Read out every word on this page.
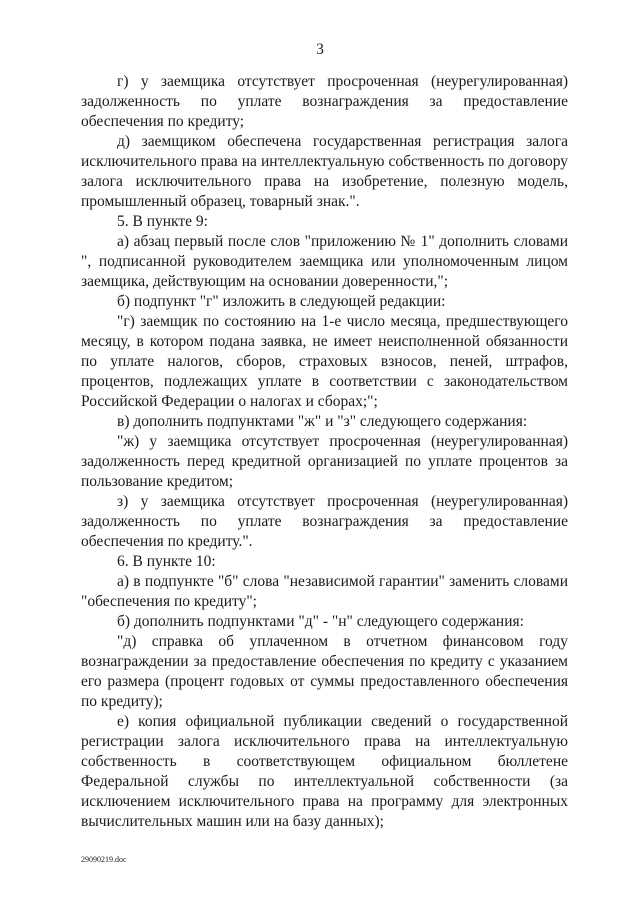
3

г) у заемщика отсутствует просроченная (неурегулированная) задолженность по уплате вознаграждения за предоставление обеспечения по кредиту;

д) заемщиком обеспечена государственная регистрация залога исключительного права на интеллектуальную собственность по договору залога исключительного права на изобретение, полезную модель, промышленный образец, товарный знак.".

5. В пункте 9:

а) абзац первый после слов "приложению № 1" дополнить словами ", подписанной руководителем заемщика или уполномоченным лицом заемщика, действующим на основании доверенности,";

б) подпункт "г" изложить в следующей редакции:

"г) заемщик по состоянию на 1-е число месяца, предшествующего месяцу, в котором подана заявка, не имеет неисполненной обязанности по уплате налогов, сборов, страховых взносов, пеней, штрафов, процентов, подлежащих уплате в соответствии с законодательством Российской Федерации о налогах и сборах;";

в) дополнить подпунктами "ж" и "з" следующего содержания:

"ж) у заемщика отсутствует просроченная (неурегулированная) задолженность перед кредитной организацией по уплате процентов за пользование кредитом;

з) у заемщика отсутствует просроченная (неурегулированная) задолженность по уплате вознаграждения за предоставление обеспечения по кредиту.".

6. В пункте 10:

а) в подпункте "б" слова "независимой гарантии" заменить словами "обеспечения по кредиту";

б) дополнить подпунктами "д" - "н" следующего содержания:

"д) справка об уплаченном в отчетном финансовом году вознаграждении за предоставление обеспечения по кредиту с указанием его размера (процент годовых от суммы предоставленного обеспечения по кредиту);

е) копия официальной публикации сведений о государственной регистрации залога исключительного права на интеллектуальную собственность в соответствующем официальном бюллетене Федеральной службы по интеллектуальной собственности (за исключением исключительного права на программу для электронных вычислительных машин или на базу данных);

29090219.doc
